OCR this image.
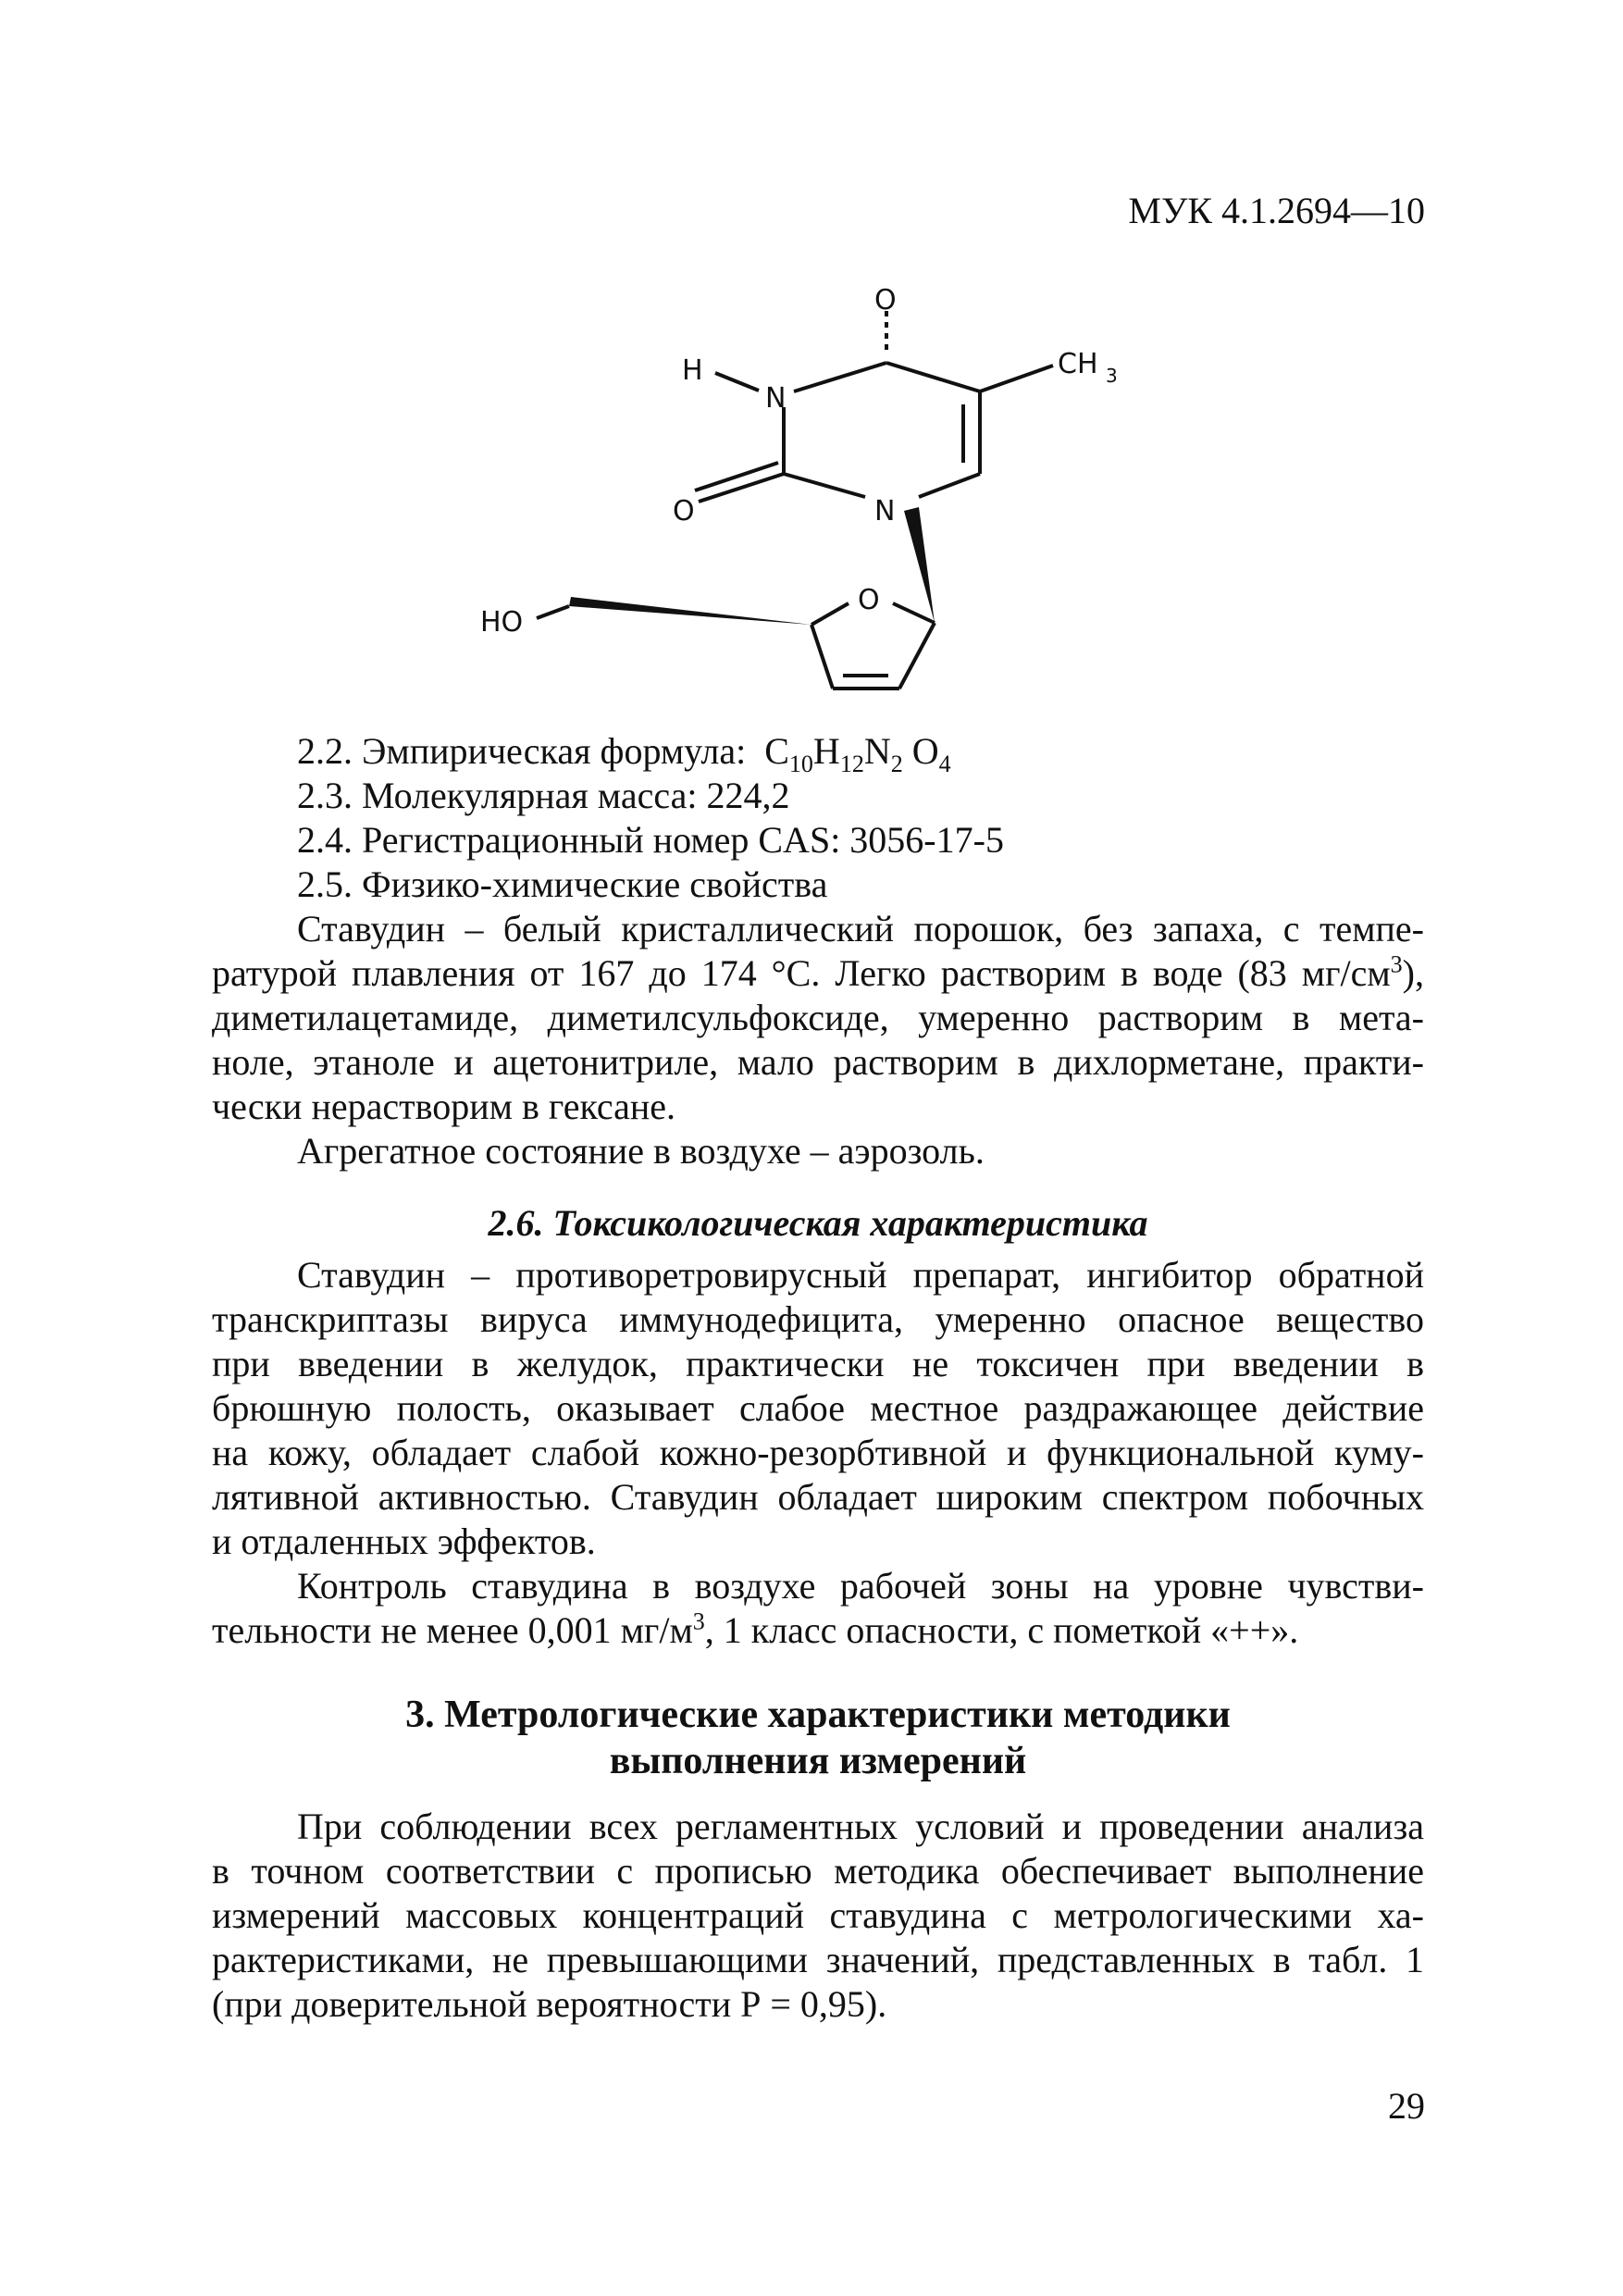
МУК 4.1.2694—10
O
H
N
CH 3
O	N
O
HO
2.2. Эмпирическая формула: $C_{10}H_{12}N_2$ $O_4$
2.3. Молекулярная масса: 224,2
2.4. Регистрационный номер CAS: 3056-17-5
2.5. Физико-химические свойства
Ставудин – белый кристаллический порошок, без запаха, с темпе-
ратурой плавления от 167 до 174 °С. Легко растворим в воде (83 $мг/см^3$),
диметилацетамиде, диметилсульфоксиде, умеренно растворим в мета-
ноле, этаноле и ацетонитриле, мало растворим в дихлорметане, практи-
чески нерастворим в гексане.
Агрегатное состояние в воздухе – аэрозоль.
2.6. Токсикологическая характеристика
Ставудин – противоретровирусный препарат, ингибитор обратной
транскриптазы вируса иммунодефицита, умеренно опасное вещество
при введении в желудок, практически не токсичен при введении в
брюшную полость, оказывает слабое местное раздражающее действие
на кожу, обладает слабой кожно-резорбтивной и функциональной куму-
лятивной активностью. Ставудин обладает широким спектром побочных
и отдаленных эффектов.
Контроль ставудина в воздухе рабочей зоны на уровне чувстви-
тельности не менее 0,001 $мг/м^3$, 1 класс опасности, с пометкой «++».
3. Метрологические характеристики методики
выполнения измерений
При соблюдении всех регламентных условий и проведении анализа
в точном соответствии с прописью методика обеспечивает выполнение
измерений массовых концентраций ставудина с метрологическими ха-
рактеристиками, не превышающими значений, представленных в табл. 1
(при доверительной вероятности Р = 0,95).
29
